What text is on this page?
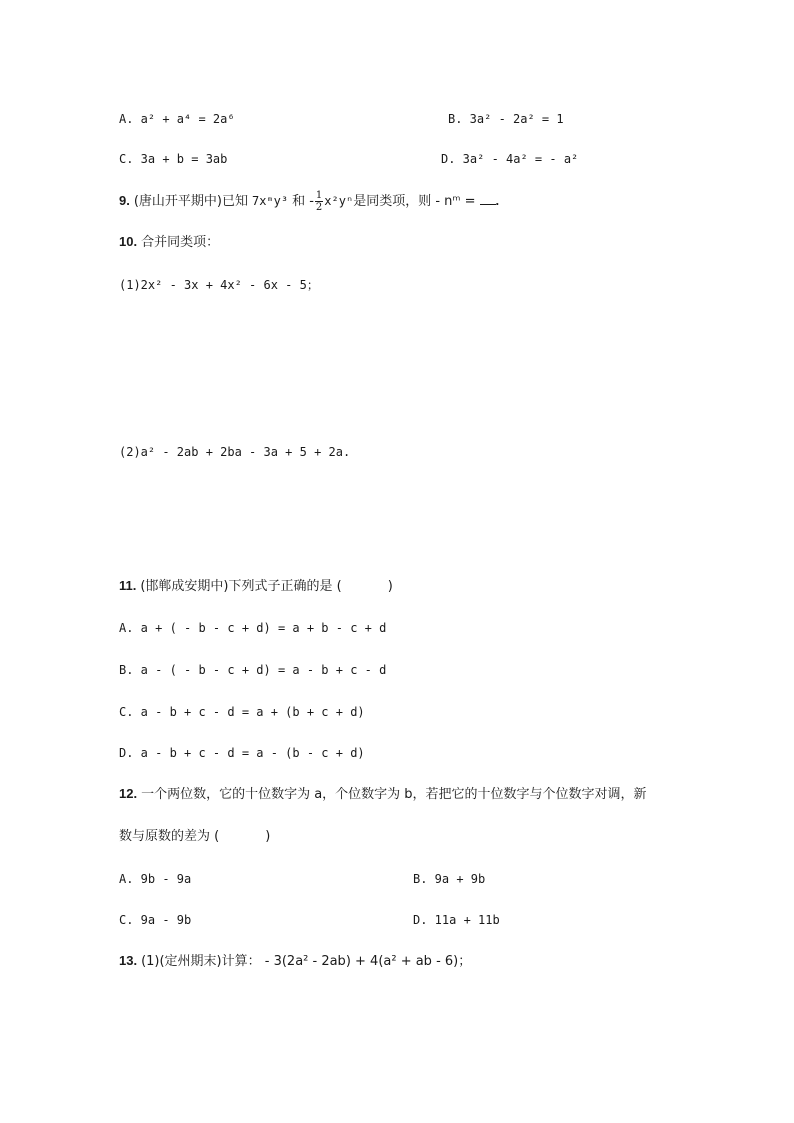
A. a² + a⁴ = 2a⁶	B. 3a² - 2a² = 1
C. 3a + b = 3ab	D. 3a² - 4a² = - a²
9. (唐山开平期中)已知 7xᵐy³ 和 - $\frac{1}{2} x^2y^n$是同类项，则 - nᵐ = .
10. 合并同类项：
(1)2x² - 3x + 4x² - 6x - 5；
(2)a² - 2ab + 2ba - 3a + 5 + 2a.
11. (邯郸成安期中)下列式子正确的是 (	)
A. a + ( - b - c + d) = a + b - c + d
B. a - ( - b - c + d) = a - b + c - d
C. a - b + c - d = a + (b + c + d)
D. a - b + c - d = a - (b - c + d)
12. 一个两位数，它的十位数字为 a，个位数字为 b，若把它的十位数字与个位数字对调，新
数与原数的差为 (	)
A. 9b - 9a	B. 9a + 9b
C. 9a - 9b	D. 11a + 11b
13. (1)(定州期末)计算： - 3(2a² - 2ab) + 4(a² + ab - 6)；
